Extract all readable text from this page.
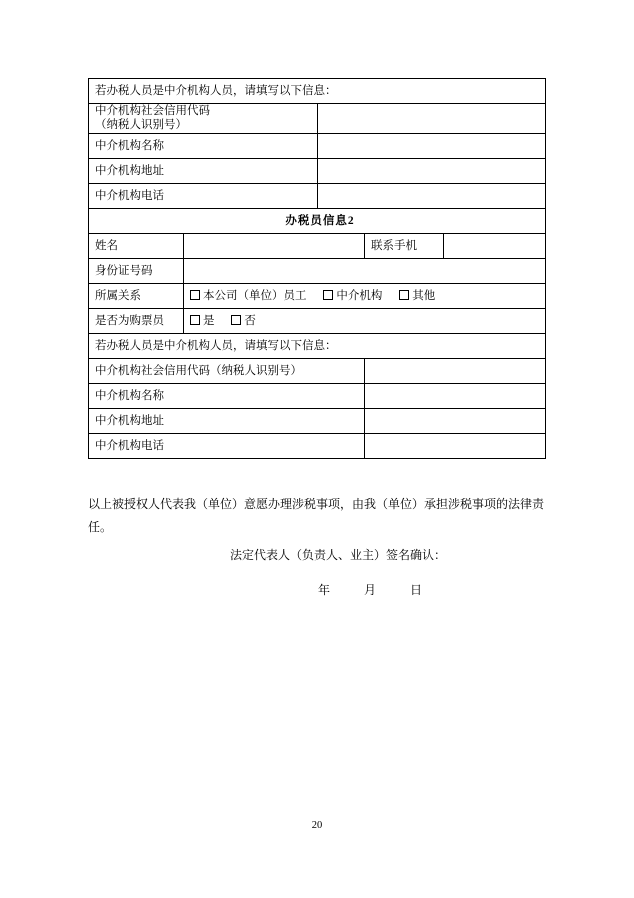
若办税人员是中介机构人员，请填写以下信息：	

中介机构社会信用代码
（纳税人识别号）	

中介机构名称	
中介机构地址	
中介机构电话	
办税员信息2	
姓名		联系手机	
身份证号码			
所属关系	本公司（单位）员工 中介机构 其他		
是否为购票员	是 否		
若办税人员是中介机构人员，请填写以下信息：			
中介机构社会信用代码（纳税人识别号）			
中介机构名称			
中介机构地址			
中介机构电话			

以上被授权人代表我（单位）意愿办理涉税事项，由我（单位）承担涉税事项的法律责任。

法定代表人（负责人、业主）签名确认：
年	月	日
20
